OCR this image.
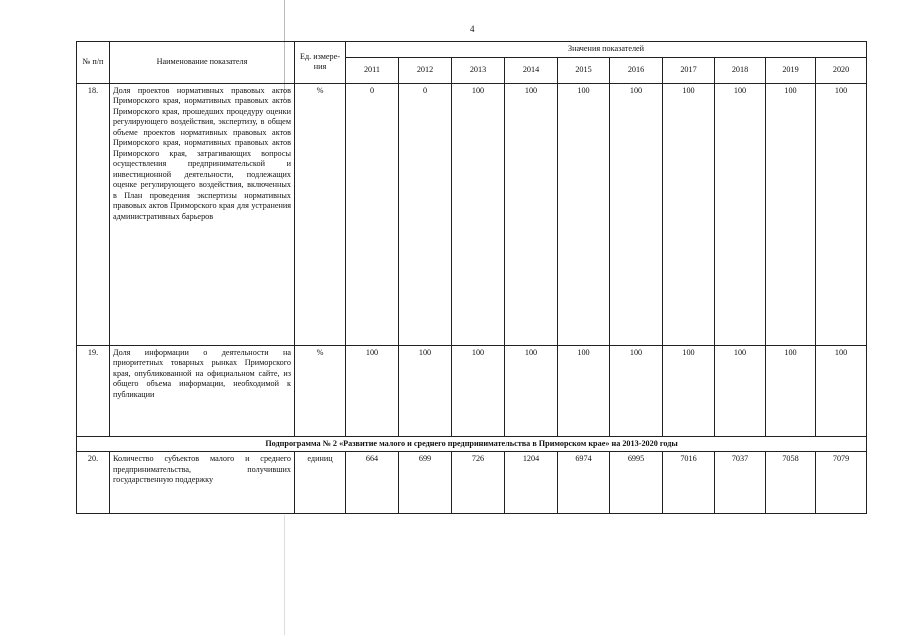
4
№ п/п	Наименование показателя	Ед. измере-ния	Значения показателей									
			2011	2012	2013	2014	2015	2016	2017	2018	2019	2020
18.	Доля проектов нормативных правовых актов Приморского края, нормативных правовых актов Приморского края, прошедших процедуру оценки регулирующего воздействия, экспертизу, в общем объеме проектов нормативных правовых актов Приморского края, нормативных правовых актов Приморского края, затрагивающих вопросы осуществления предпринимательской и инвестиционной деятельности, подлежащих оценке регулирующего воздействия, включенных в План проведения экспертизы нормативных правовых актов Приморского края для устранения административных барьеров	%	0	0	100	100	100	100	100	100	100	100
19.	Доля информации о деятельности на приоритетных товарных рынках Приморского края, опубликованной на официальном сайте, из общего объема информации, необходимой к публикации	%	100	100	100	100	100	100	100	100	100	100
Подпрограмма № 2 «Развитие малого и среднего предпринимательства в Приморском крае» на 2013-2020 годы												
20.	Количество субъектов малого и среднего предпринимательства, получивших государственную поддержку	единиц	664	699	726	1204	6974	6995	7016	7037	7058	7079
